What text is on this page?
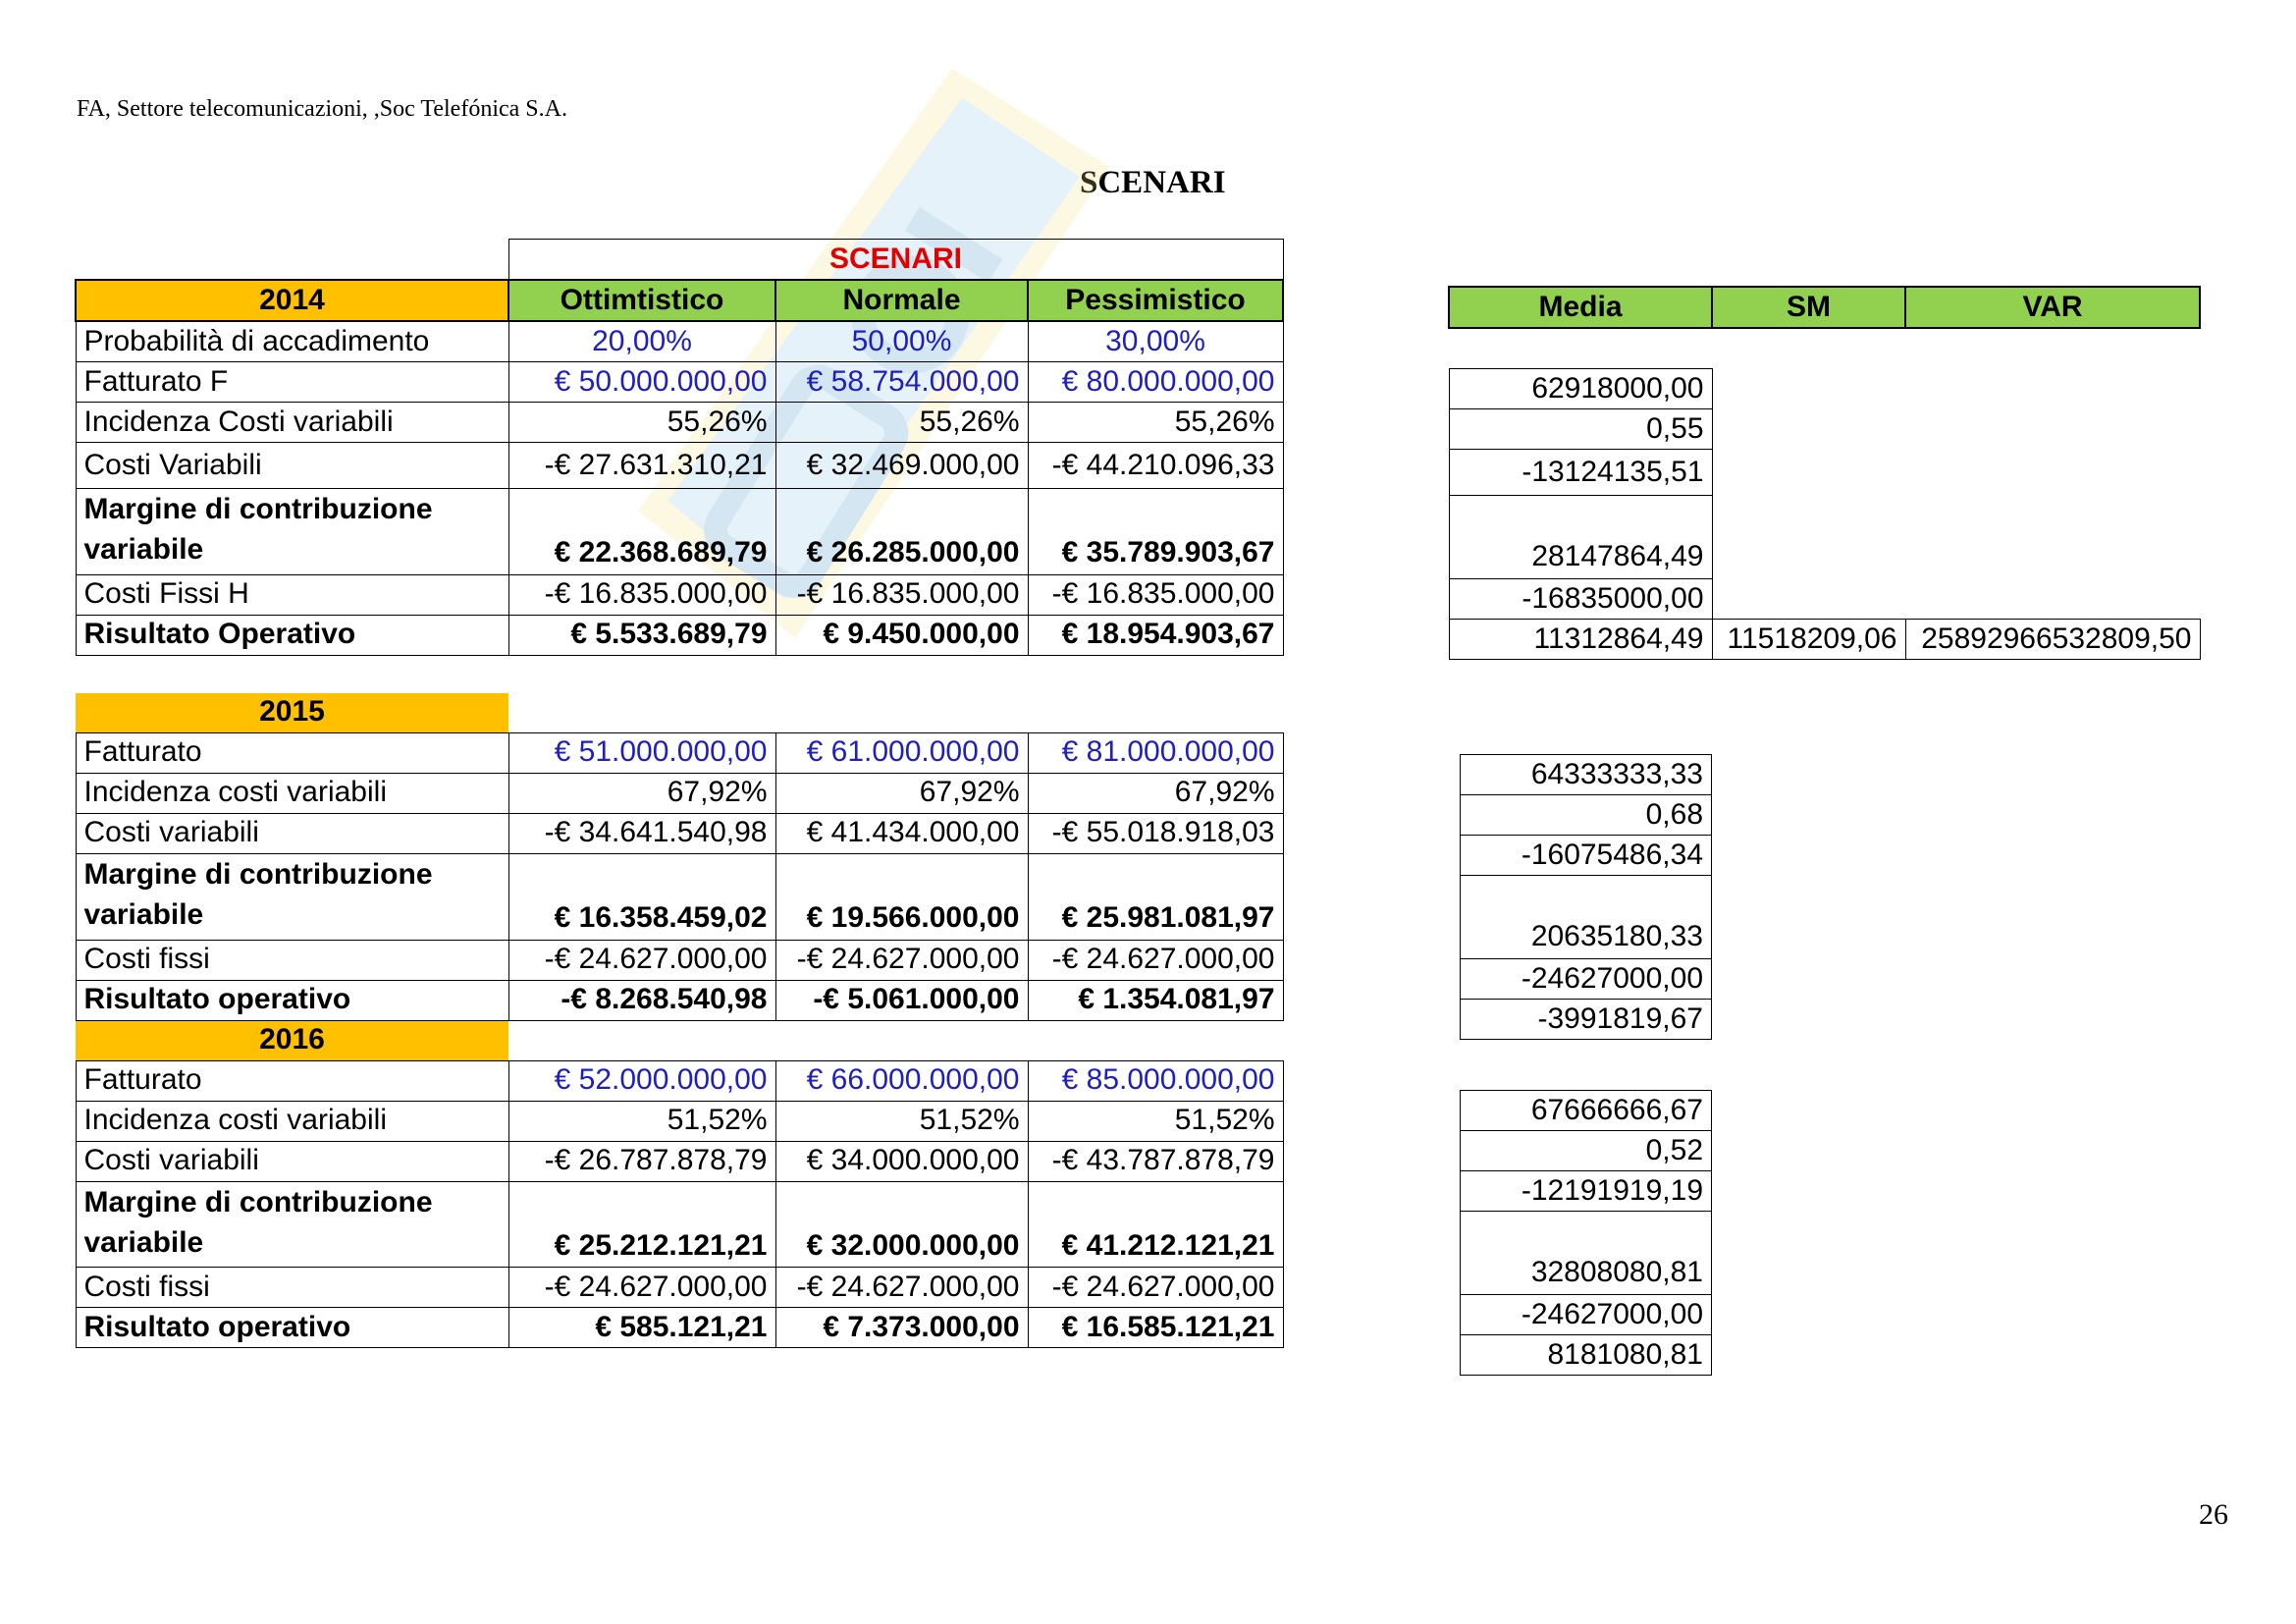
FA, Settore telecomunicazioni, ,Soc Telefónica S.A.
SCENARI
	SCENARI		
2014	Ottimtistico	Normale	Pessimistico
Probabilità di accadimento	20,00%	50,00%	30,00%
Fatturato F	€ 50.000.000,00	€ 58.754.000,00	€ 80.000.000,00
Incidenza Costi variabili	55,26%	55,26%	55,26%
Costi Variabili	-€ 27.631.310,21	€ 32.469.000,00	-€ 44.210.096,33
Margine di contribuzione variabile	€ 22.368.689,79	€ 26.285.000,00	€ 35.789.903,67
Costi Fissi H	-€ 16.835.000,00	-€ 16.835.000,00	-€ 16.835.000,00
Risultato Operativo	€ 5.533.689,79	€ 9.450.000,00	€ 18.954.903,67

2015			
Fatturato	€ 51.000.000,00	€ 61.000.000,00	€ 81.000.000,00
Incidenza costi variabili	67,92%	67,92%	67,92%
Costi variabili	-€ 34.641.540,98	€ 41.434.000,00	-€ 55.018.918,03
Margine di contribuzione variabile	€ 16.358.459,02	€ 19.566.000,00	€ 25.981.081,97
Costi fissi	-€ 24.627.000,00	-€ 24.627.000,00	-€ 24.627.000,00
Risultato operativo	-€ 8.268.540,98	-€ 5.061.000,00	€ 1.354.081,97
2016			
Fatturato	€ 52.000.000,00	€ 66.000.000,00	€ 85.000.000,00
Incidenza costi variabili	51,52%	51,52%	51,52%
Costi variabili	-€ 26.787.878,79	€ 34.000.000,00	-€ 43.787.878,79
Margine di contribuzione variabile	€ 25.212.121,21	€ 32.000.000,00	€ 41.212.121,21
Costi fissi	-€ 24.627.000,00	-€ 24.627.000,00	-€ 24.627.000,00
Risultato operativo	€ 585.121,21	€ 7.373.000,00	€ 16.585.121,21
Media	SM	VAR

62918000,00		
0,55		
-13124135,51		
28147864,49		
-16835000,00		
11312864,49	11518209,06	25892966532809,50
64333333,33
0,68
-16075486,34
20635180,33
-24627000,00
-3991819,67
67666666,67
0,52
-12191919,19
32808080,81
-24627000,00
8181080,81
26
